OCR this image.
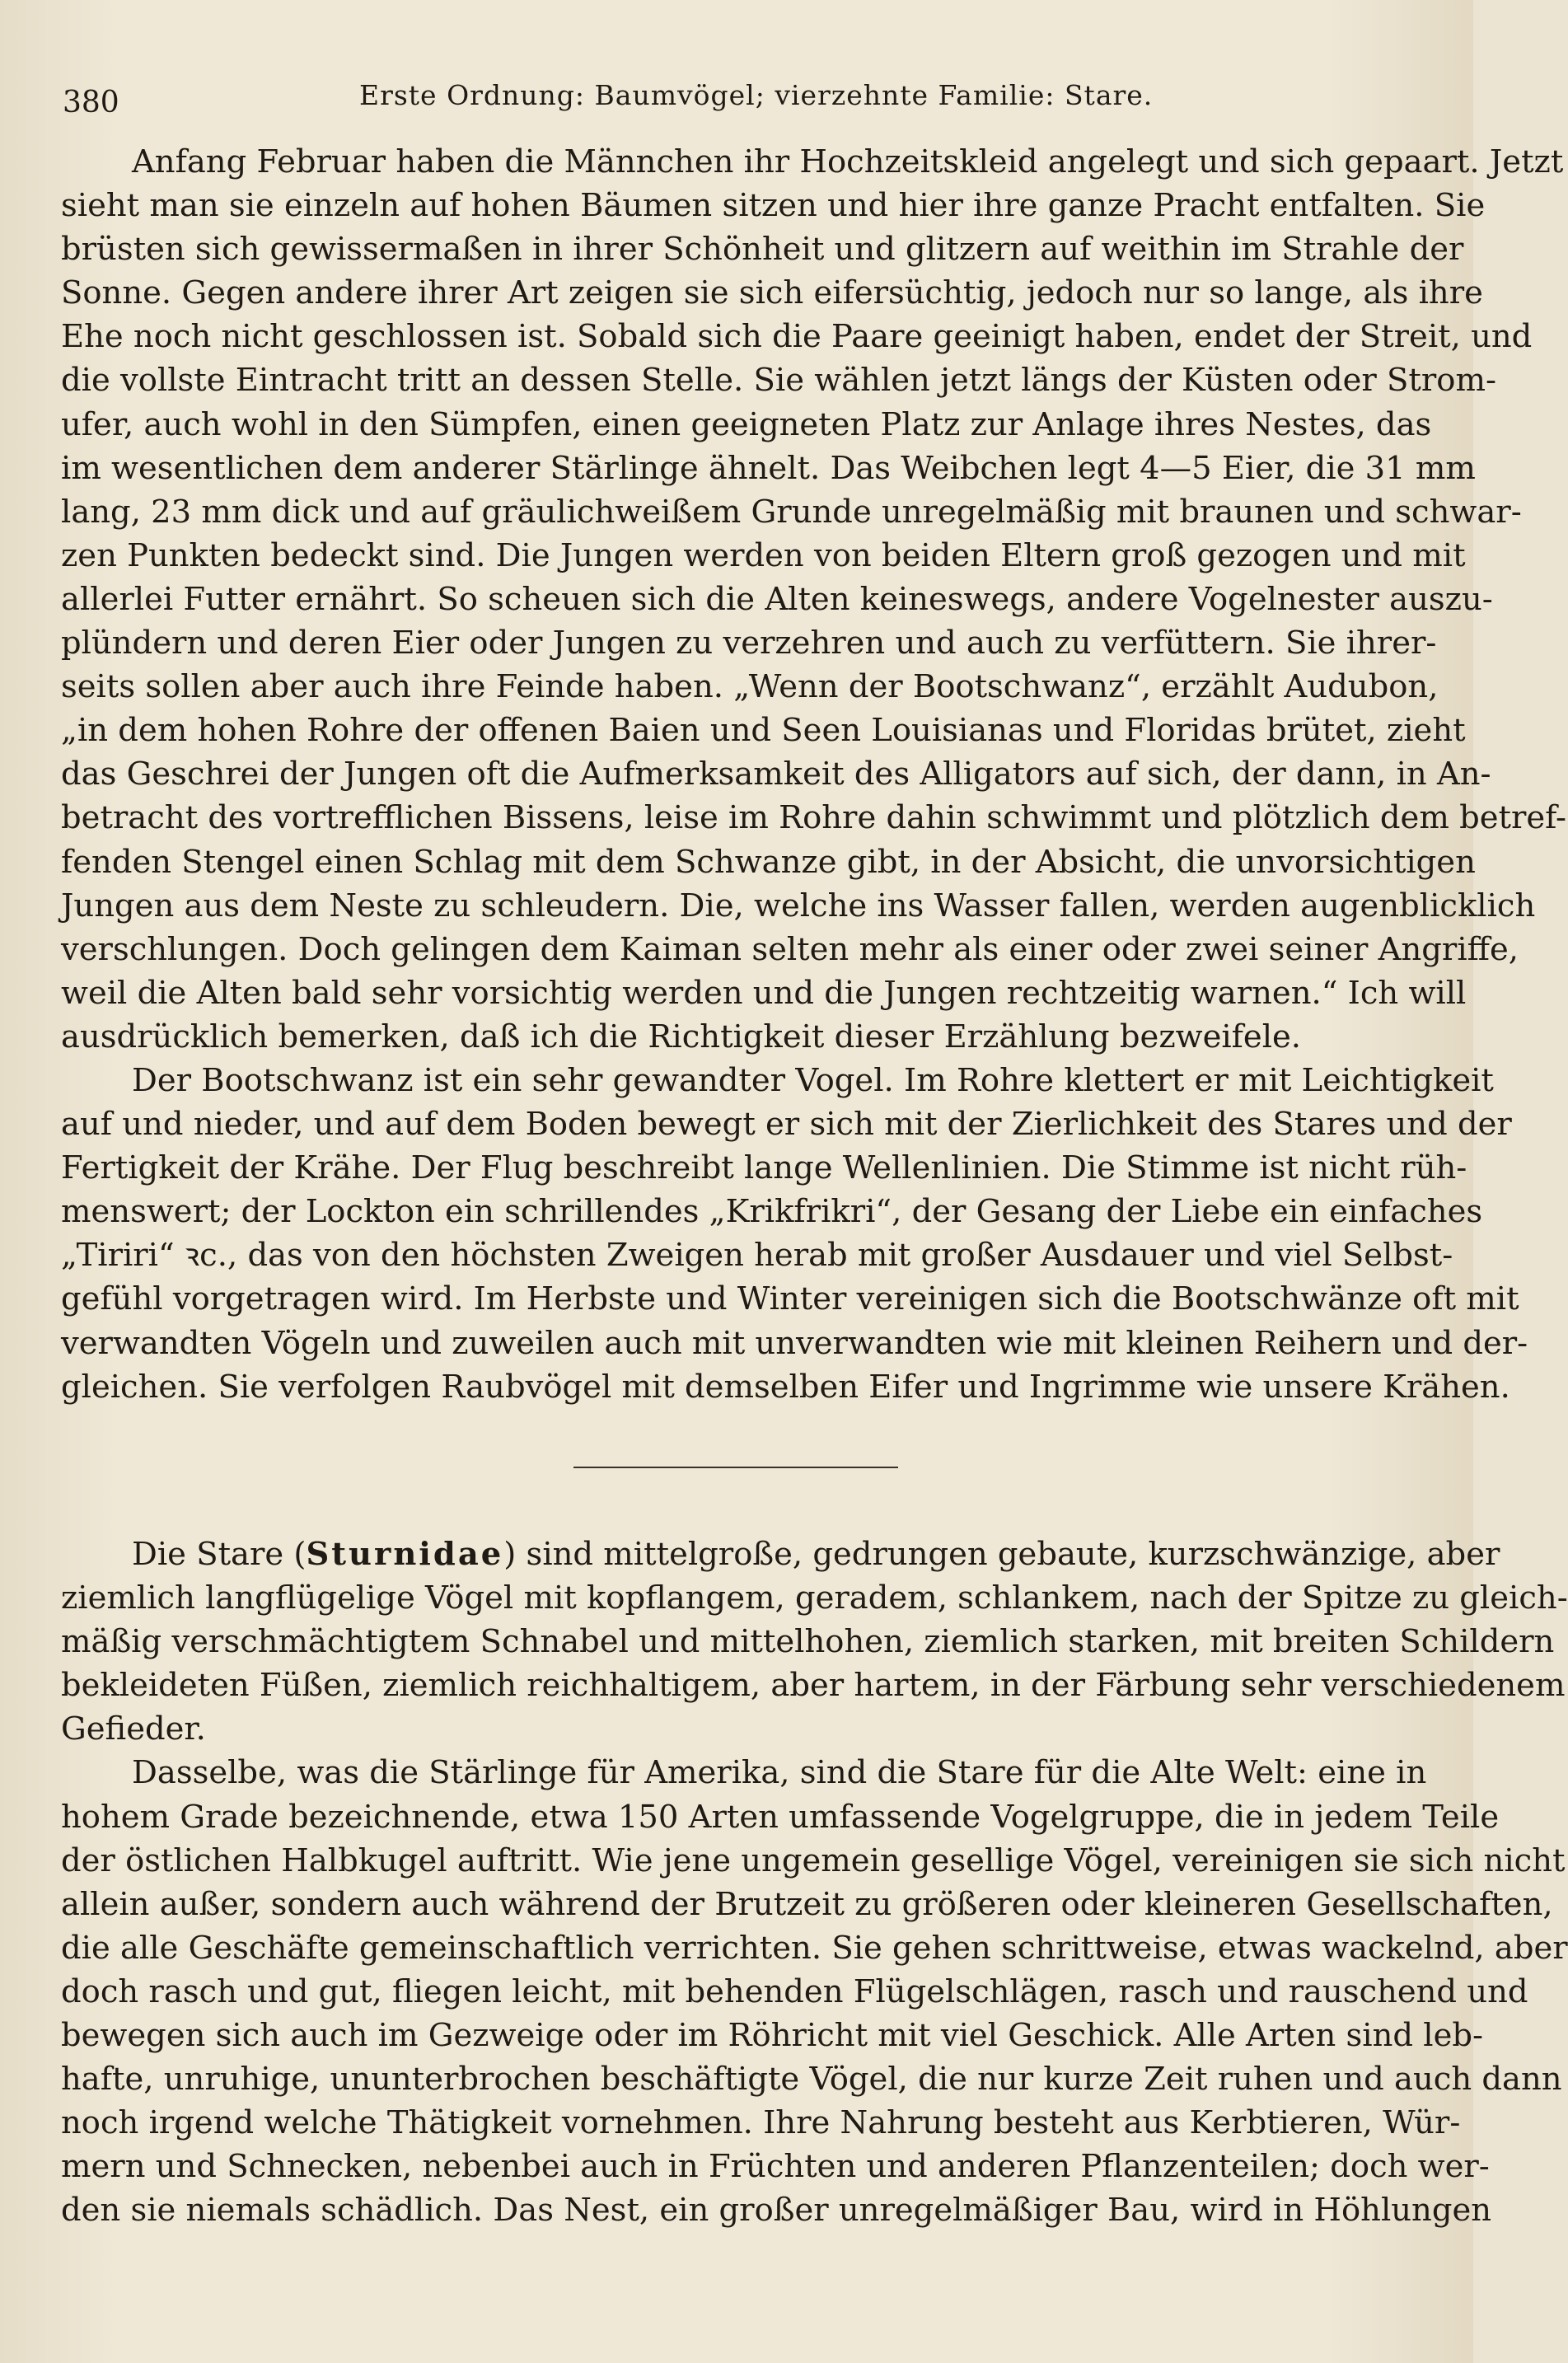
380	Erste Ordnung: Baumvögel; vierzehnte Familie: Stare.
Anfang Februar haben die Männchen ihr Hochzeitskleid angelegt und sich gepaart. Jetzt
sieht man sie einzeln auf hohen Bäumen sitzen und hier ihre ganze Pracht entfalten. Sie
brüsten sich gewissermaßen in ihrer Schönheit und glitzern auf weithin im Strahle der
Sonne. Gegen andere ihrer Art zeigen sie sich eifersüchtig, jedoch nur so lange, als ihre
Ehe noch nicht geschlossen ist. Sobald sich die Paare geeinigt haben, endet der Streit, und
die vollste Eintracht tritt an dessen Stelle. Sie wählen jetzt längs der Küsten oder Strom-
ufer, auch wohl in den Sümpfen, einen geeigneten Platz zur Anlage ihres Nestes, das
im wesentlichen dem anderer Stärlinge ähnelt. Das Weibchen legt 4—5 Eier, die 31 mm
lang, 23 mm dick und auf gräulichweißem Grunde unregelmäßig mit braunen und schwar-
zen Punkten bedeckt sind. Die Jungen werden von beiden Eltern groß gezogen und mit
allerlei Futter ernährt. So scheuen sich die Alten keineswegs, andere Vogelnester auszu-
plündern und deren Eier oder Jungen zu verzehren und auch zu verfüttern. Sie ihrer-
seits sollen aber auch ihre Feinde haben. „Wenn der Bootschwanz“, erzählt Audubon,
„in dem hohen Rohre der offenen Baien und Seen Louisianas und Floridas brütet, zieht
das Geschrei der Jungen oft die Aufmerksamkeit des Alligators auf sich, der dann, in An-
betracht des vortrefflichen Bissens, leise im Rohre dahin schwimmt und plötzlich dem betref-
fenden Stengel einen Schlag mit dem Schwanze gibt, in der Absicht, die unvorsichtigen
Jungen aus dem Neste zu schleudern. Die, welche ins Wasser fallen, werden augenblicklich
verschlungen. Doch gelingen dem Kaiman selten mehr als einer oder zwei seiner Angriffe,
weil die Alten bald sehr vorsichtig werden und die Jungen rechtzeitig warnen.“ Ich will
ausdrücklich bemerken, daß ich die Richtigkeit dieser Erzählung bezweifele.
Der Bootschwanz ist ein sehr gewandter Vogel. Im Rohre klettert er mit Leichtigkeit
auf und nieder, und auf dem Boden bewegt er sich mit der Zierlichkeit des Stares und der
Fertigkeit der Krähe. Der Flug beschreibt lange Wellenlinien. Die Stimme ist nicht rüh-
menswert; der Lockton ein schrillendes „Krikfrikri“, der Gesang der Liebe ein einfaches
„Tiriri“ ꝛc., das von den höchsten Zweigen herab mit großer Ausdauer und viel Selbst-
gefühl vorgetragen wird. Im Herbste und Winter vereinigen sich die Bootschwänze oft mit
verwandten Vögeln und zuweilen auch mit unverwandten wie mit kleinen Reihern und der-
gleichen. Sie verfolgen Raubvögel mit demselben Eifer und Ingrimme wie unsere Krähen.
Die Stare (Sturnidae) sind mittelgroße, gedrungen gebaute, kurzschwänzige, aber
ziemlich langflügelige Vögel mit kopflangem, geradem, schlankem, nach der Spitze zu gleich-
mäßig verschmächtigtem Schnabel und mittelhohen, ziemlich starken, mit breiten Schildern
bekleideten Füßen, ziemlich reichhaltigem, aber hartem, in der Färbung sehr verschiedenem
Gefieder.
Dasselbe, was die Stärlinge für Amerika, sind die Stare für die Alte Welt: eine in
hohem Grade bezeichnende, etwa 150 Arten umfassende Vogelgruppe, die in jedem Teile
der östlichen Halbkugel auftritt. Wie jene ungemein gesellige Vögel, vereinigen sie sich nicht
allein außer, sondern auch während der Brutzeit zu größeren oder kleineren Gesellschaften,
die alle Geschäfte gemeinschaftlich verrichten. Sie gehen schrittweise, etwas wackelnd, aber
doch rasch und gut, fliegen leicht, mit behenden Flügelschlägen, rasch und rauschend und
bewegen sich auch im Gezweige oder im Röhricht mit viel Geschick. Alle Arten sind leb-
hafte, unruhige, ununterbrochen beschäftigte Vögel, die nur kurze Zeit ruhen und auch dann
noch irgend welche Thätigkeit vornehmen. Ihre Nahrung besteht aus Kerbtieren, Wür-
mern und Schnecken, nebenbei auch in Früchten und anderen Pflanzenteilen; doch wer-
den sie niemals schädlich. Das Nest, ein großer unregelmäßiger Bau, wird in Höhlungen
